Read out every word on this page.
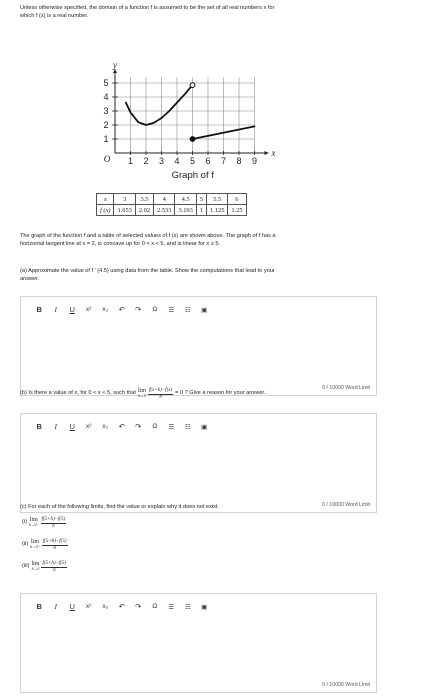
Unless otherwise specified, the domain of a function f is assumed to be the set of all real numbers x for
which f (x) is a real number.
1 2 3 4 5 6 7 8 9
1
2
3
4
5
O
y
x
Graph of f
x	3	3.5	4	4.5	5	5.5	6
f (x)	1.653	2.02	2.533	3.193	1	1.125	1.25
The graph of the function f and a table of selected values of f (x) are shown above. The graph of f has a
horizontal tangent line at x = 2, is concave up for 0 < x < 5, and is linear for x ≥ 5.
(a) Approximate the value of f ′ (4.5) using data from the table. Show the computations that lead to your
answer.
B	I	U	x²	x₂	↶	↷	Ω	☰	☷	▣
0 / 10000 Word Limit
(b) Is there a value of x, for 0 < x < 5, such that lim
$h\to 0 \frac{f(x+h)-f(x)}{h} = 0$ ? Give a reason for your answer.
B	I	U	x²	x₂	↶	↷	Ω	☰	☷	▣
0 / 10000 Word Limit
(c) For each of the following limits, find the value or explain why it does not exist.
(i) lim
$h\to 0^- \frac{f(5+h)-f(5)}{h}$
(ii) lim
$h\to 0^+ \frac{f(5+h)-f(5)}{h}$
(iii) lim
$h\to 0 \frac{f(5+h)-f(5)}{h}$
B	I	U	x²	x₂	↶	↷	Ω	☰	☷	▣
0 / 10000 Word Limit
